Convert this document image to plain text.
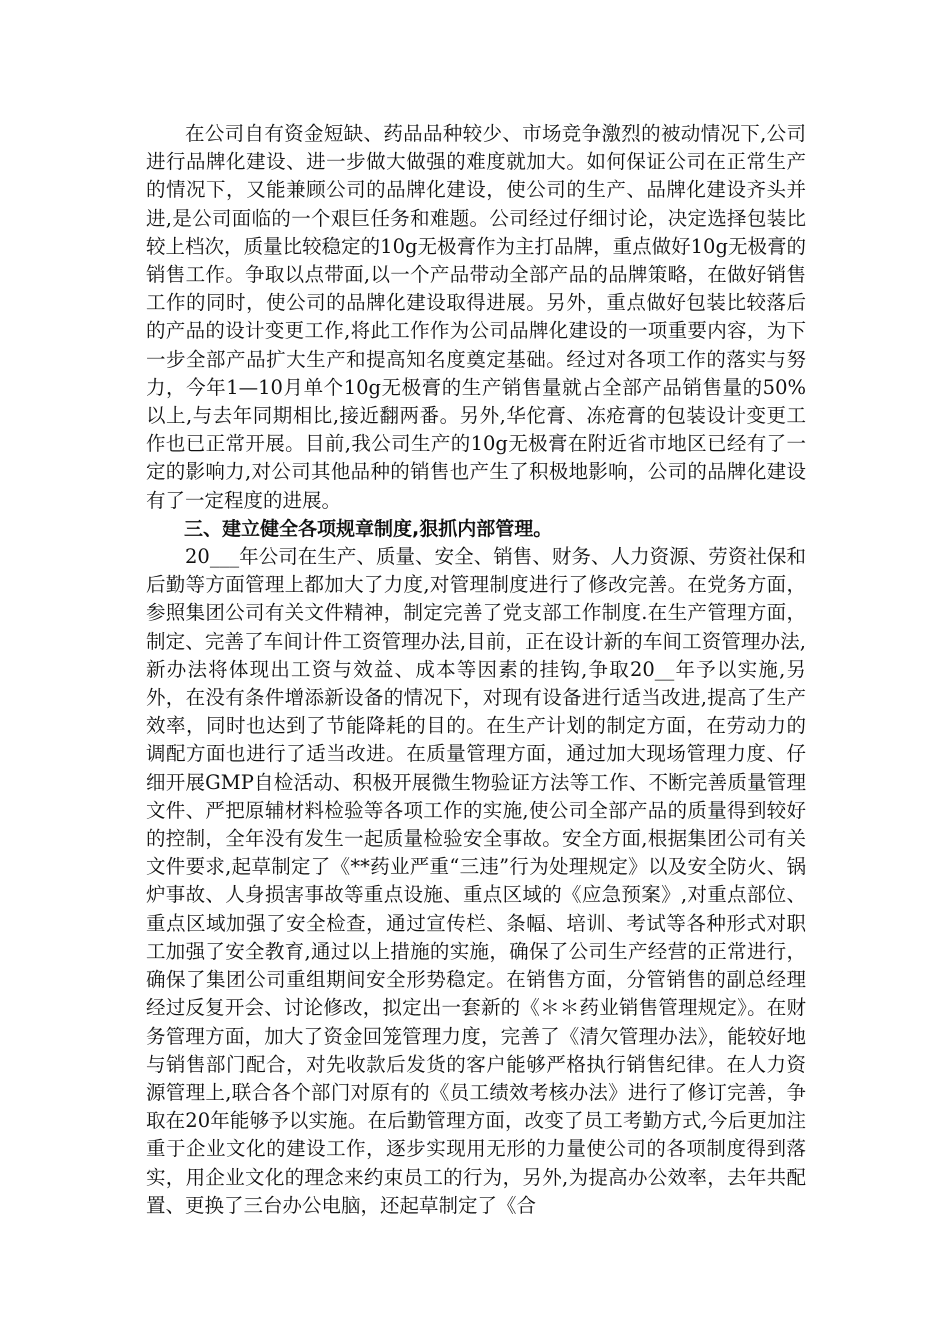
在公司自有资金短缺、药品品种较少、市场竞争激烈的被动情况下,公司进行品牌化建设、进一步做大做强的难度就加大。如何保证公司在正常生产的情况下，又能兼顾公司的品牌化建设，使公司的生产、品牌化建设齐头并进,是公司面临的一个艰巨任务和难题。公司经过仔细讨论，决定选择包装比较上档次，质量比较稳定的10g无极膏作为主打品牌，重点做好10g无极膏的销售工作。争取以点带面,以一个产品带动全部产品的品牌策略，在做好销售工作的同时，使公司的品牌化建设取得进展。另外，重点做好包装比较落后的产品的设计变更工作,将此工作作为公司品牌化建设的一项重要内容，为下一步全部产品扩大生产和提高知名度奠定基础。经过对各项工作的落实与努力，今年1—10月单个10g无极膏的生产销售量就占全部产品销售量的50%以上,与去年同期相比,接近翻两番。另外,华佗膏、冻疮膏的包装设计变更工作也已正常开展。目前,我公司生产的10g无极膏在附近省市地区已经有了一定的影响力,对公司其他品种的销售也产生了积极地影响，公司的品牌化建设有了一定程度的进展。

三、建立健全各项规章制度,狠抓内部管理。

20___年公司在生产、质量、安全、销售、财务、人力资源、劳资社保和后勤等方面管理上都加大了力度,对管理制度进行了修改完善。在党务方面，参照集团公司有关文件精神，制定完善了党支部工作制度.在生产管理方面，制定、完善了车间计件工资管理办法,目前，正在设计新的车间工资管理办法,新办法将体现出工资与效益、成本等因素的挂钩,争取20__年予以实施,另外，在没有条件增添新设备的情况下，对现有设备进行适当改进,提高了生产效率，同时也达到了节能降耗的目的。在生产计划的制定方面，在劳动力的调配方面也进行了适当改进。在质量管理方面，通过加大现场管理力度、仔细开展GMP自检活动、积极开展微生物验证方法等工作、不断完善质量管理文件、严把原辅材料检验等各项工作的实施,使公司全部产品的质量得到较好的控制，全年没有发生一起质量检验安全事故。安全方面,根据集团公司有关文件要求,起草制定了《**药业严重“三违”行为处理规定》以及安全防火、锅炉事故、人身损害事故等重点设施、重点区域的《应急预案》,对重点部位、重点区域加强了安全检查，通过宣传栏、条幅、培训、考试等各种形式对职工加强了安全教育,通过以上措施的实施，确保了公司生产经营的正常进行，确保了集团公司重组期间安全形势稳定。在销售方面，分管销售的副总经理经过反复开会、讨论修改，拟定出一套新的《＊＊药业销售管理规定》。在财务管理方面，加大了资金回笼管理力度，完善了《清欠管理办法》，能较好地与销售部门配合，对先收款后发货的客户能够严格执行销售纪律。在人力资源管理上,联合各个部门对原有的《员工绩效考核办法》进行了修订完善，争取在20年能够予以实施。在后勤管理方面，改变了员工考勤方式,今后更加注重于企业文化的建设工作，逐步实现用无形的力量使公司的各项制度得到落实，用企业文化的理念来约束员工的行为，另外,为提高办公效率，去年共配置、更换了三台办公电脑，还起草制定了《合
